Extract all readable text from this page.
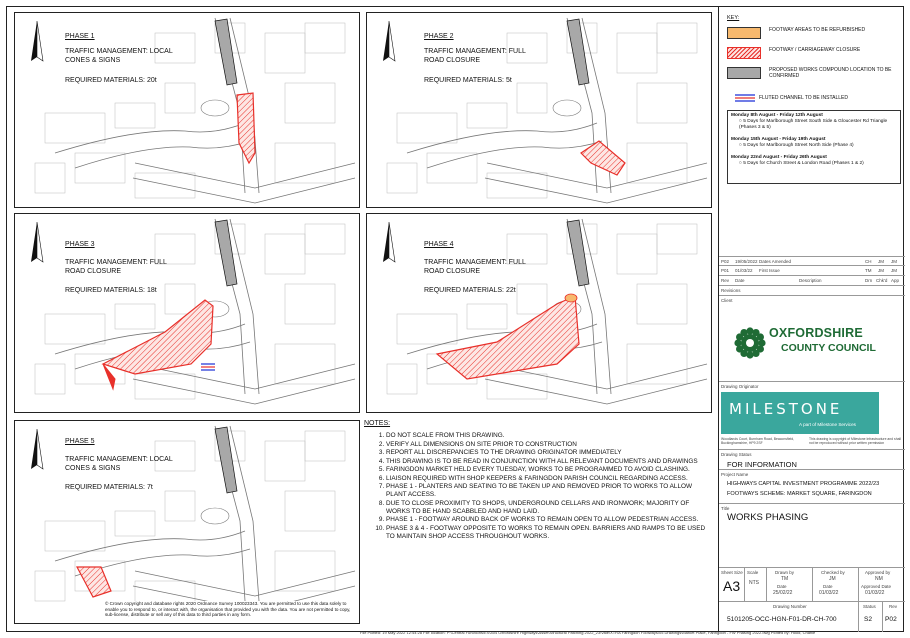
PHASE 1
TRAFFIC MANAGEMENT: LOCAL
CONES & SIGNS
REQUIRED MATERIALS: 20t
PHASE 2
TRAFFIC MANAGEMENT: FULL
ROAD CLOSURE
REQUIRED MATERIALS: 5t
PHASE 3
TRAFFIC MANAGEMENT: FULL
ROAD CLOSURE
REQUIRED MATERIALS: 18t
PHASE 4
TRAFFIC MANAGEMENT: FULL
ROAD CLOSURE
REQUIRED MATERIALS: 22t
PHASE 5
TRAFFIC MANAGEMENT: LOCAL
CONES & SIGNS
REQUIRED MATERIALS: 7t
© Crown copyright and database rights 2020 Ordnance Survey 100023343. You are permitted to use this data solely to enable you to respond to, or interact with, the organisation that provided you with the data. You are not permitted to copy, sub-license, distribute or sell any of this data to third parties in any form.
NOTES:
1. DO NOT SCALE FROM THIS DRAWING.
2. VERIFY ALL DIMENSIONS ON SITE PRIOR TO CONSTRUCTION
3. REPORT ALL DISCREPANCIES TO THE DRAWING ORIGINATOR IMMEDIATELY
4. THIS DRAWING IS TO BE READ IN CONJUNCTION WITH ALL RELEVANT DOCUMENTS AND DRAWINGS
5. FARINGDON MARKET HELD EVERY TUESDAY, WORKS TO BE PROGRAMMED TO AVOID CLASHING.
6. LIAISON REQUIRED WITH SHOP KEEPERS & FARINGDON PARISH COUNCIL REGARDING ACCESS.
7. PHASE 1 - PLANTERS AND SEATING TO BE TAKEN UP AND REMOVED PRIOR TO WORKS TO ALLOW PLANT ACCESS.
8. DUE TO CLOSE PROXIMITY TO SHOPS, UNDERGROUND CELLARS AND IRONWORK; MAJORITY OF WORKS TO BE HAND SCABBLED AND HAND LAID.
9. PHASE 1 - FOOTWAY AROUND BACK OF WORKS TO REMAIN OPEN TO ALLOW PEDESTRIAN ACCESS.
10. PHASE 3 & 4 - FOOTWAY OPPOSITE TO WORKS TO REMAIN OPEN. BARRIERS AND RAMPS TO BE USED TO MAINTAIN SHOP ACCESS THROUGHOUT WORKS.
KEY:
FOOTWAY AREAS TO BE REFURBISHED
FOOTWAY / CARRIAGEWAY CLOSURE
PROPOSED WORKS COMPOUND LOCATION TO BE CONFIRMED
FLUTED CHANNEL TO BE INSTALLED
Monday 8th August - Friday 12th August
○ 5 Days for Marlborough Street South Side & Gloucester Rd Triangle (Phases 3 & 5)
Monday 15th August - Friday 19th August
○ 5 Days for Marlborough Street North Side (Phase 4)
Monday 22nd August - Friday 26th August
○ 5 Days for Church Street & London Road (Phases 1 & 2)
P02 19/05/2022 Dates Amended	CH JM JM
P01 01/03/22 First Issue	TM JM JM
Rev Date	Description	Drn Chk'd App
Revisions
Client
OXFORDSHIRE
COUNTY COUNCIL
Drawing Originator
MILESTONE
A part of Milestone Services
Woodlands Court, Burnham Road, Beaconsfield, Buckinghamshire, HP9 2SF
This drawing is copyright of Milestone Infrastructure and shall not be reproduced without prior written permission
Drawing Status
FOR INFORMATION
Project Name
HIGHWAYS CAPITAL INVESTMENT PROGRAMME 2022/23
FOOTWAYS SCHEME: MARKET SQUARE, FARINGDON
Title
WORKS PHASING
Sheet Size
A3
Scale
NTS
Drawn by
TM
Date
25/02/22
Checked by
JM
Date
01/03/22
Approved by
NM
Approved Date
01/03/22
Drawing Number
5101205-OCC-HGN-F01-DR-CH-700
Status
S2
Rev
P02
File Plotted: 19 May 2022 12:44:28 File location: P:\Central Functions\ES\404 Oxfordshire Highways\Asset\Structural Patching 2022_23\Vale\XTRA Faringdon Footways\05 Drawings\Market Place, Faringdon - FW Phasing 2022.dwg Plotted by: Hood, Charlie
